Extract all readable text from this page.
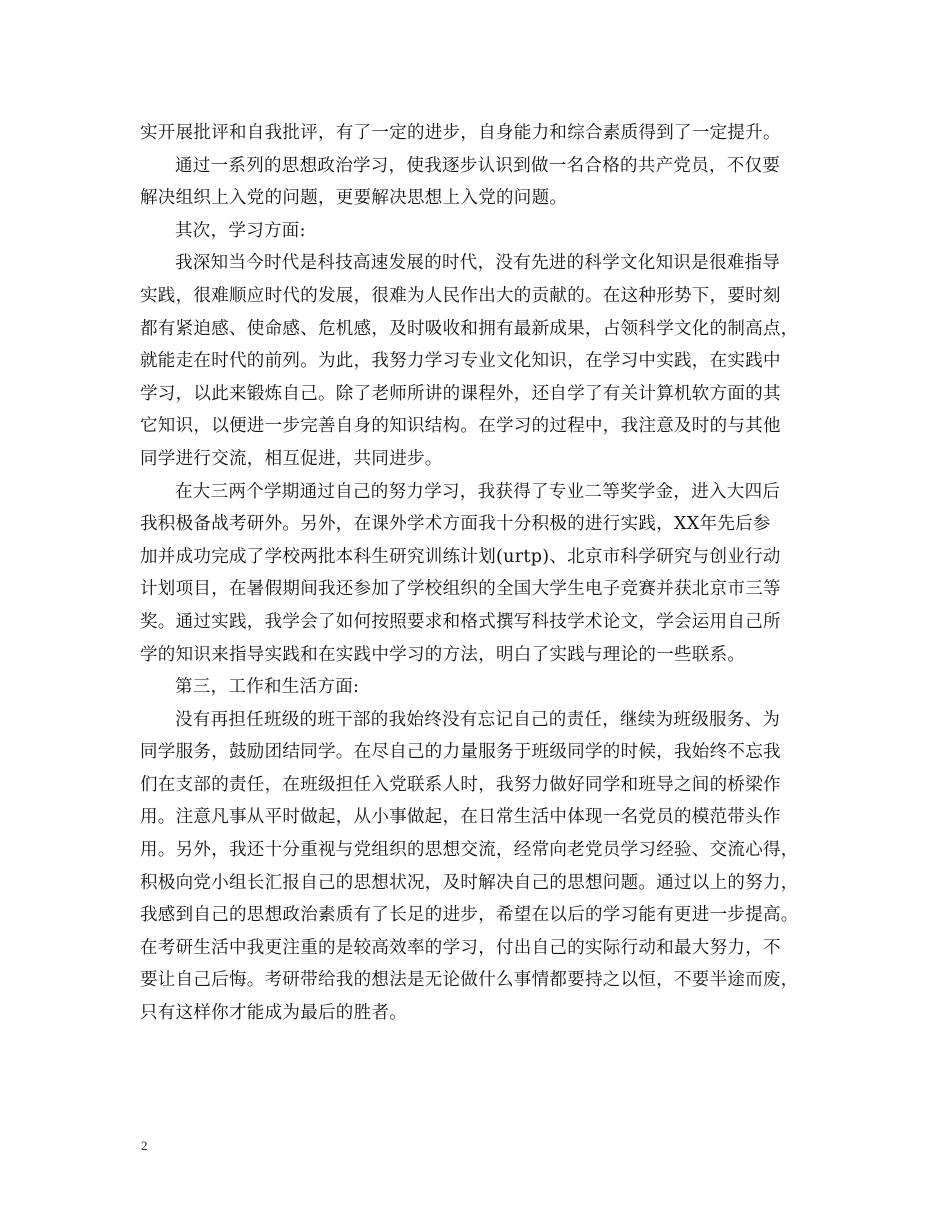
实开展批评和自我批评，有了一定的进步，自身能力和综合素质得到了一定提升。
通过一系列的思想政治学习，使我逐步认识到做一名合格的共产党员，不仅要
解决组织上入党的问题，更要解决思想上入党的问题。
其次，学习方面:
我深知当今时代是科技高速发展的时代，没有先进的科学文化知识是很难指导
实践，很难顺应时代的发展，很难为人民作出大的贡献的。在这种形势下，要时刻
都有紧迫感、使命感、危机感，及时吸收和拥有最新成果，占领科学文化的制高点，
就能走在时代的前列。为此，我努力学习专业文化知识，在学习中实践，在实践中
学习，以此来锻炼自己。除了老师所讲的课程外，还自学了有关计算机软方面的其
它知识，以便进一步完善自身的知识结构。在学习的过程中，我注意及时的与其他
同学进行交流，相互促进，共同进步。
在大三两个学期通过自己的努力学习，我获得了专业二等奖学金，进入大四后
我积极备战考研外。另外，在课外学术方面我十分积极的进行实践，XX年先后参
加并成功完成了学校两批本科生研究训练计划(urtp)、北京市科学研究与创业行动
计划项目，在暑假期间我还参加了学校组织的全国大学生电子竞赛并获北京市三等
奖。通过实践，我学会了如何按照要求和格式撰写科技学术论文，学会运用自己所
学的知识来指导实践和在实践中学习的方法，明白了实践与理论的一些联系。
第三，工作和生活方面:
没有再担任班级的班干部的我始终没有忘记自己的责任，继续为班级服务、为
同学服务，鼓励团结同学。在尽自己的力量服务于班级同学的时候，我始终不忘我
们在支部的责任，在班级担任入党联系人时，我努力做好同学和班导之间的桥梁作
用。注意凡事从平时做起，从小事做起，在日常生活中体现一名党员的模范带头作
用。另外，我还十分重视与党组织的思想交流，经常向老党员学习经验、交流心得，
积极向党小组长汇报自己的思想状况，及时解决自己的思想问题。通过以上的努力，
我感到自己的思想政治素质有了长足的进步，希望在以后的学习能有更进一步提高。
在考研生活中我更注重的是较高效率的学习，付出自己的实际行动和最大努力，不
要让自己后悔。考研带给我的想法是无论做什么事情都要持之以恒，不要半途而废，
只有这样你才能成为最后的胜者。
2
